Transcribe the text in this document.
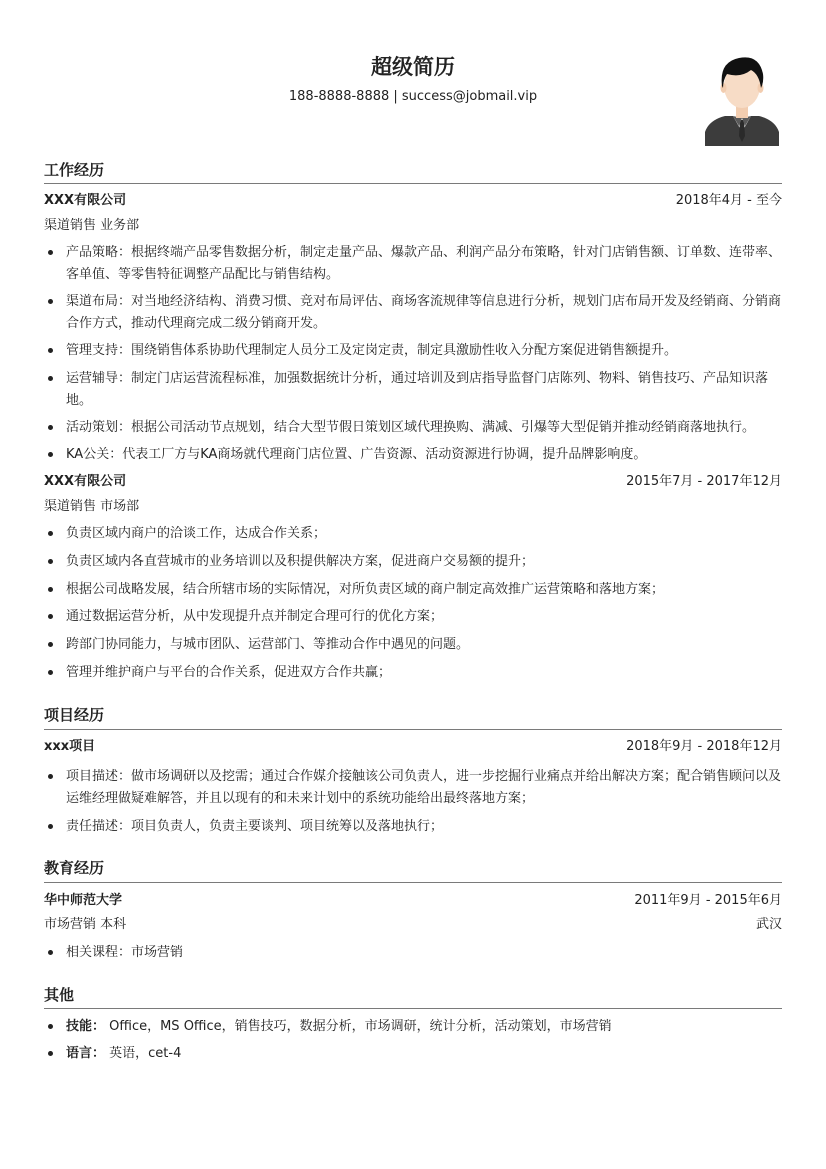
超级简历
188-8888-8888 | success@jobmail.vip
工作经历
XXX有限公司	2018年4月 - 至今
渠道销售 业务部
产品策略：根据终端产品零售数据分析，制定走量产品、爆款产品、利润产品分布策略，针对门店销售额、订单数、连带率、客单值、等零售特征调整产品配比与销售结构。
渠道布局：对当地经济结构、消费习惯、竞对布局评估、商场客流规律等信息进行分析，规划门店布局开发及经销商、分销商合作方式，推动代理商完成二级分销商开发。
管理支持：围绕销售体系协助代理制定人员分工及定岗定责，制定具激励性收入分配方案促进销售额提升。
运营辅导：制定门店运营流程标准，加强数据统计分析，通过培训及到店指导监督门店陈列、物料、销售技巧、产品知识落地。
活动策划：根据公司活动节点规划，结合大型节假日策划区域代理换购、满减、引爆等大型促销并推动经销商落地执行。
KA公关：代表工厂方与KA商场就代理商门店位置、广告资源、活动资源进行协调，提升品牌影响度。
XXX有限公司	2015年7月 - 2017年12月
渠道销售 市场部
负责区域内商户的洽谈工作，达成合作关系；
负责区域内各直营城市的业务培训以及积提供解决方案，促进商户交易额的提升；
根据公司战略发展，结合所辖市场的实际情况，对所负责区域的商户制定高效推广运营策略和落地方案；
通过数据运营分析，从中发现提升点并制定合理可行的优化方案；
跨部门协同能力，与城市团队、运营部门、等推动合作中遇见的问题。
管理并维护商户与平台的合作关系，促进双方合作共赢；
项目经历
xxx项目	2018年9月 - 2018年12月
项目描述：做市场调研以及挖需；通过合作媒介接触该公司负责人，进一步挖掘行业痛点并给出解决方案；配合销售顾问以及运维经理做疑难解答，并且以现有的和未来计划中的系统功能给出最终落地方案；
责任描述：项目负责人，负责主要谈判、项目统筹以及落地执行；
教育经历
华中师范大学	2011年9月 - 2015年6月
市场营销 本科	武汉
相关课程：市场营销
其他
技能： Office，MS Office，销售技巧，数据分析，市场调研，统计分析，活动策划，市场营销
语言： 英语，cet-4
